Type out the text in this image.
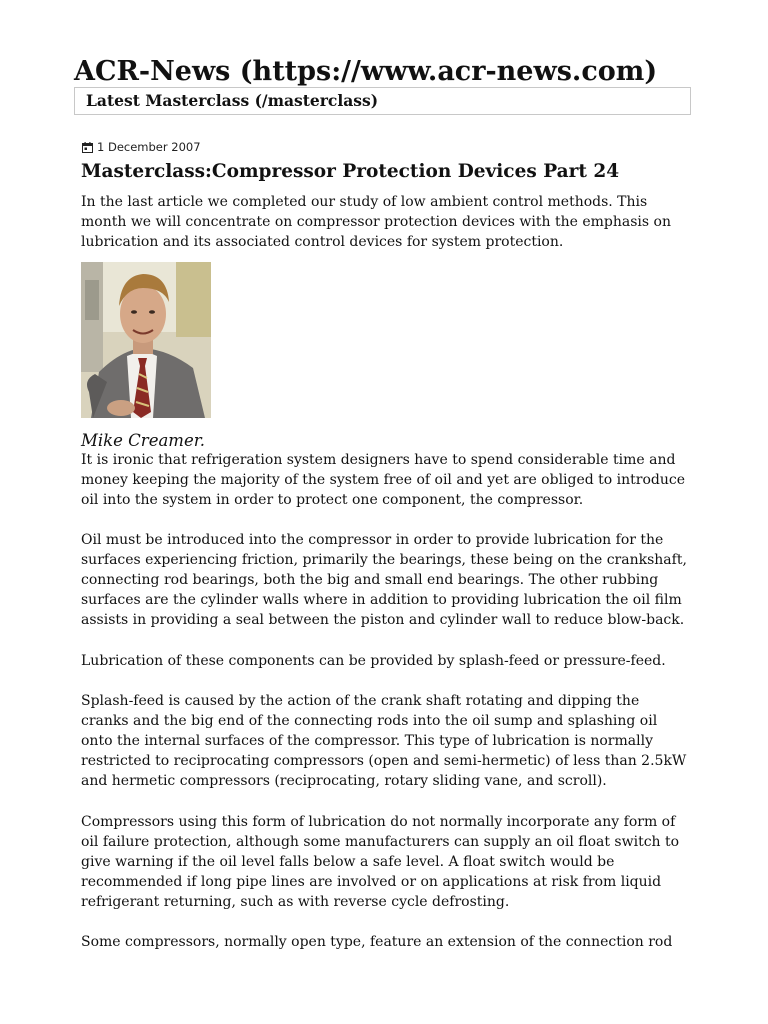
ACR-News (https://www.acr-news.com)
Latest Masterclass (/masterclass)
1 December 2007
Masterclass:Compressor Protection Devices Part 24

In the last article we completed our study of low ambient control methods. This month we will concentrate on compressor protection devices with the emphasis on lubrication and its associated control devices for system protection.

Mike Creamer.

It is ironic that refrigeration system designers have to spend considerable time and money keeping the majority of the system free of oil and yet are obliged to introduce oil into the system in order to protect one component, the compressor.

Oil must be introduced into the compressor in order to provide lubrication for the surfaces experiencing friction, primarily the bearings, these being on the crankshaft, connecting rod bearings, both the big and small end bearings. The other rubbing surfaces are the cylinder walls where in addition to providing lubrication the oil film assists in providing a seal between the piston and cylinder wall to reduce blow-back.

Lubrication of these components can be provided by splash-feed or pressure-feed.

Splash-feed is caused by the action of the crank shaft rotating and dipping the cranks and the big end of the connecting rods into the oil sump and splashing oil onto the internal surfaces of the compressor. This type of lubrication is normally restricted to reciprocating compressors (open and semi-hermetic) of less than 2.5kW and hermetic compressors (reciprocating, rotary sliding vane, and scroll).

Compressors using this form of lubrication do not normally incorporate any form of oil failure protection, although some manufacturers can supply an oil float switch to give warning if the oil level falls below a safe level. A float switch would be recommended if long pipe lines are involved or on applications at risk from liquid refrigerant returning, such as with reverse cycle defrosting.

Some compressors, normally open type, feature an extension of the connection rod
